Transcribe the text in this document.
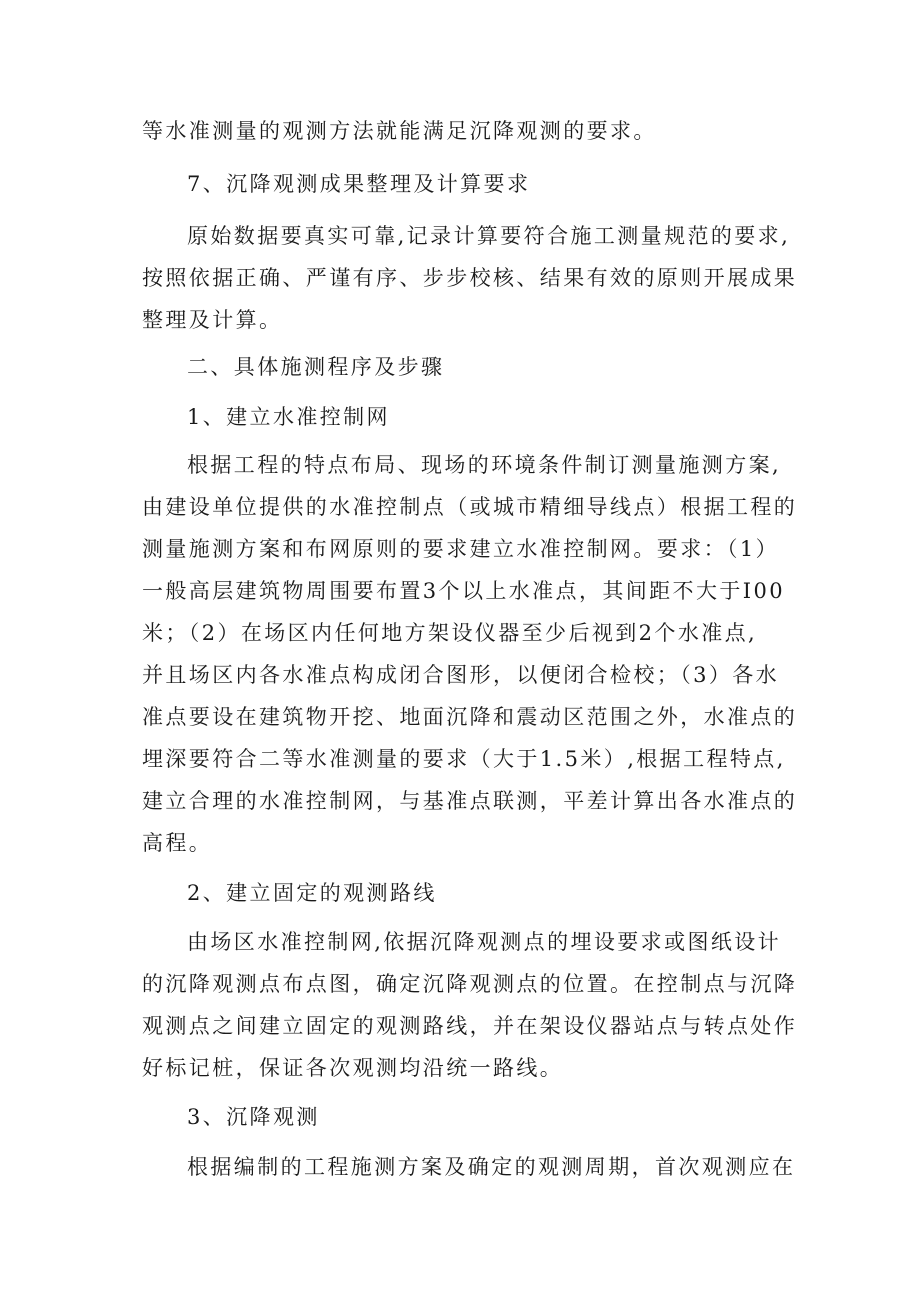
等水准测量的观测方法就能满足沉降观测的要求。
7、沉降观测成果整理及计算要求
原始数据要真实可靠,记录计算要符合施工测量规范的要求,
按照依据正确、严谨有序、步步校核、结果有效的原则开展成果
整理及计算。
二、具体施测程序及步骤
1、建立水准控制网
根据工程的特点布局、现场的环境条件制订测量施测方案,
由建设单位提供的水准控制点（或城市精细导线点）根据工程的
测量施测方案和布网原则的要求建立水准控制网。要求：（1）
一般高层建筑物周围要布置3个以上水准点，其间距不大于I00
米；（2）在场区内任何地方架设仪器至少后视到2个水准点,
并且场区内各水准点构成闭合图形，以便闭合检校；（3）各水
准点要设在建筑物开挖、地面沉降和震动区范围之外，水准点的
埋深要符合二等水准测量的要求（大于1.5米）,根据工程特点,
建立合理的水准控制网，与基准点联测，平差计算出各水准点的
高程。
2、建立固定的观测路线
由场区水准控制网,依据沉降观测点的埋设要求或图纸设计
的沉降观测点布点图，确定沉降观测点的位置。在控制点与沉降
观测点之间建立固定的观测路线，并在架设仪器站点与转点处作
好标记桩，保证各次观测均沿统一路线。
3、沉降观测
根据编制的工程施测方案及确定的观测周期，首次观测应在
